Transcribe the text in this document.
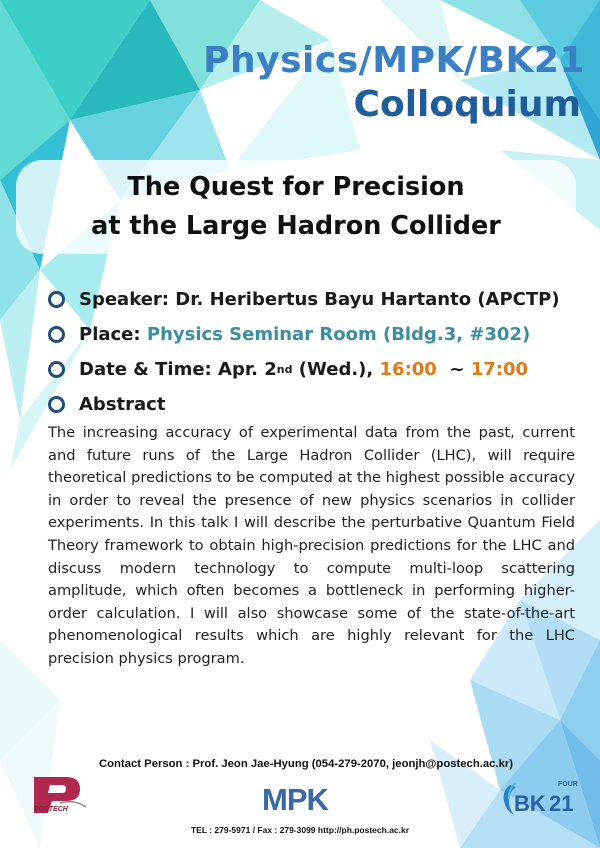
Physics/MPK/BK21
Colloquium
The Quest for Precision
at the Large Hadron Collider
Speaker:
Dr. Heribertus Bayu Hartanto (APCTP)
Place:
Physics Seminar Room (Bldg.3, #302)
Date & Time:
Apr. 2 nd
(Wed.),
16:00
~
17:00
Abstract
The increasing accuracy of experimental data from the past, current and future runs of the Large Hadron Collider (LHC), will require theoretical predictions to be computed at the highest possible accuracy in order to reveal the presence of new physics scenarios in collider experiments. In this talk I will describe the perturbative Quantum Field Theory framework to obtain high-precision predictions for the LHC and discuss modern technology to compute multi-loop scattering amplitude, which often becomes a bottleneck in performing higher-order calculation. I will also showcase some of the state-of-the-art phenomenological results which are highly relevant for the LHC precision physics program.
Contact Person : Prof. Jeon Jae-Hyung (054-279-2070, jeonjh@postech.ac.kr)
POSTECH	MPK	FOUR
BK 21
TEL : 279-5971 / Fax : 279-3099 http://ph.postech.ac.kr
